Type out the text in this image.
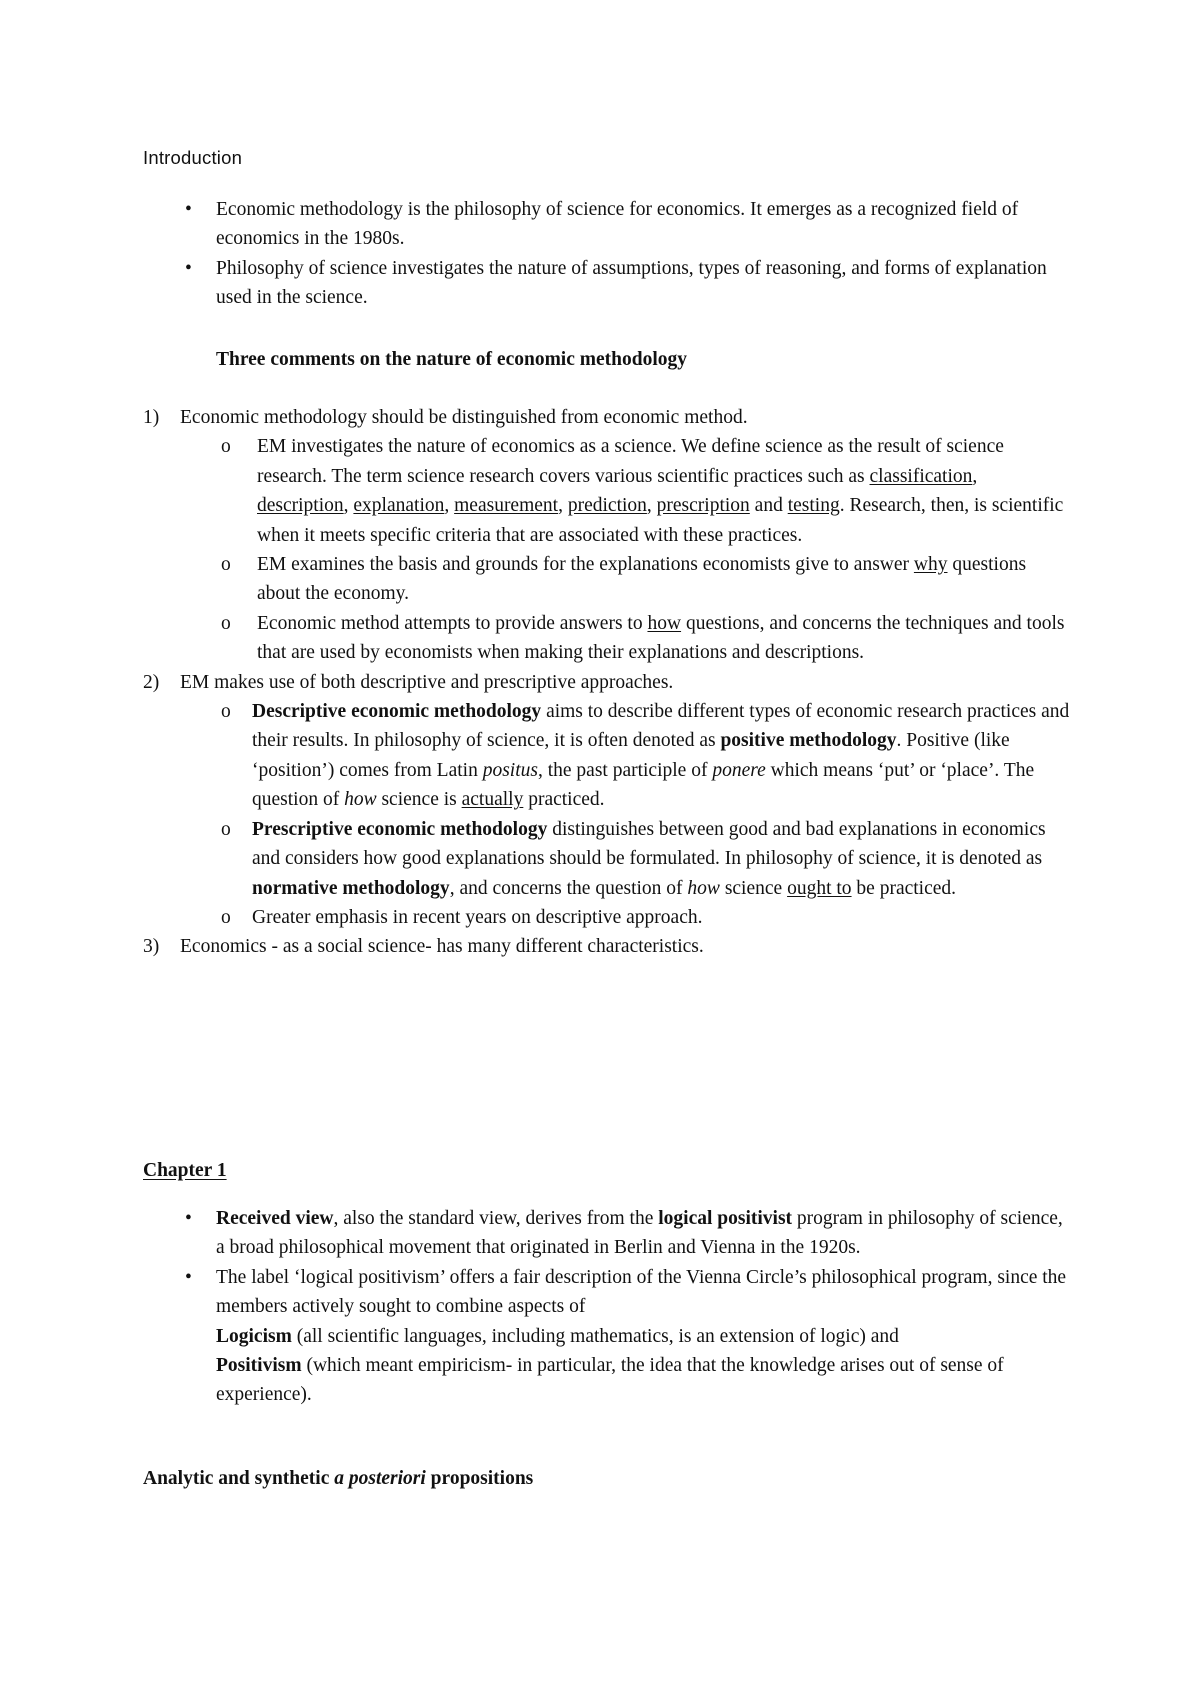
Introduction
• Economic methodology is the philosophy of science for economics. It emerges as a recognized field of economics in the 1980s.
• Philosophy of science investigates the nature of assumptions, types of reasoning, and forms of explanation used in the science.
Three comments on the nature of economic methodology
1) Economic methodology should be distinguished from economic method.
o EM investigates the nature of economics as a science. We define science as the result of science research. The term science research covers various scientific practices such as classification, description, explanation, measurement, prediction, prescription and testing. Research, then, is scientific when it meets specific criteria that are associated with these practices.
o EM examines the basis and grounds for the explanations economists give to answer why questions about the economy.
o Economic method attempts to provide answers to how questions, and concerns the techniques and tools that are used by economists when making their explanations and descriptions.
2) EM makes use of both descriptive and prescriptive approaches.
o Descriptive economic methodology aims to describe different types of economic research practices and their results. In philosophy of science, it is often denoted as positive methodology. Positive (like ‘position’) comes from Latin positus, the past participle of ponere which means ‘put’ or ‘place’. The question of how science is actually practiced.
o Prescriptive economic methodology distinguishes between good and bad explanations in economics and considers how good explanations should be formulated. In philosophy of science, it is denoted as normative methodology, and concerns the question of how science ought to be practiced.
o Greater emphasis in recent years on descriptive approach.
3) Economics - as a social science- has many different characteristics.
Chapter 1
• Received view, also the standard view, derives from the logical positivist program in philosophy of science, a broad philosophical movement that originated in Berlin and Vienna in the 1920s.
• The label ‘logical positivism’ offers a fair description of the Vienna Circle’s philosophical program, since the members actively sought to combine aspects of
Logicism (all scientific languages, including mathematics, is an extension of logic) and
Positivism (which meant empiricism- in particular, the idea that the knowledge arises out of sense of experience).
Analytic and synthetic a posteriori propositions
